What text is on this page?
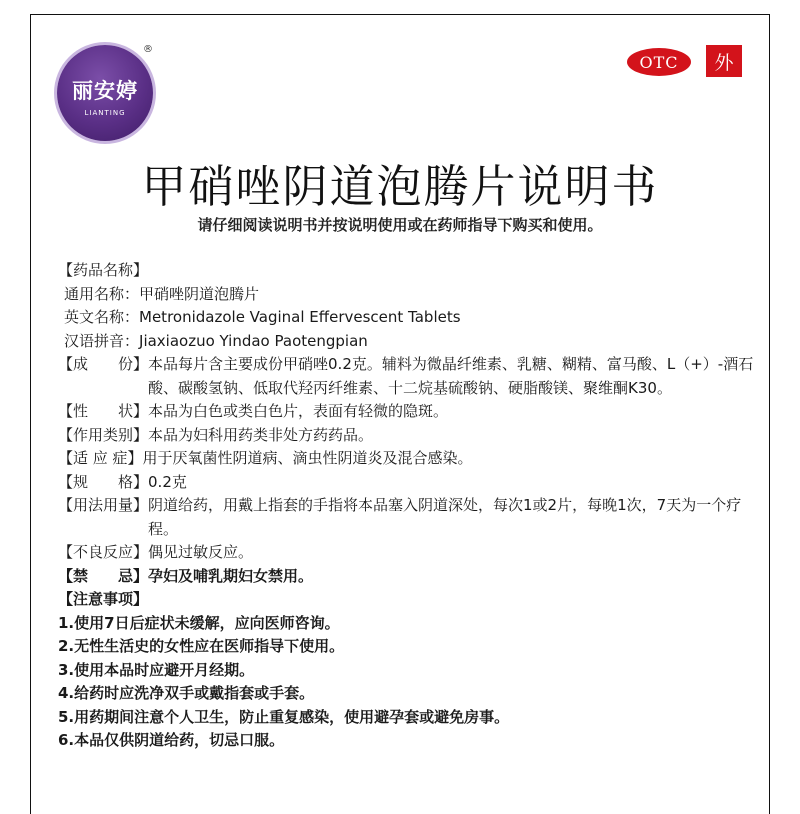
丽安婷
LIANTING
®
OTC	外
甲硝唑阴道泡腾片说明书
请仔细阅读说明书并按说明使用或在药师指导下购买和使用。
【药品名称】
通用名称： 甲硝唑阴道泡腾片
英文名称： Metronidazole Vaginal Effervescent Tablets
汉语拼音： Jiaxiaozuo Yindao Paotengpian
【成　　份】 本品每片含主要成份甲硝唑0.2克。辅料为微晶纤维素、乳糖、糊精、富马酸、L（+）-酒石酸、碳酸氢钠、低取代羟丙纤维素、十二烷基硫酸钠、硬脂酸镁、聚维酮K30。
【性　　状】 本品为白色或类白色片，表面有轻微的隐斑。
【作用类别】 本品为妇科用药类非处方药药品。
【适 应 症】 用于厌氧菌性阴道病、滴虫性阴道炎及混合感染。
【规　　格】 0.2克
【用法用量】 阴道给药，用戴上指套的手指将本品塞入阴道深处，每次1或2片，每晚1次，7天为一个疗程。
【不良反应】 偶见过敏反应。
【禁　　忌】 孕妇及哺乳期妇女禁用。
【注意事项】
1.使用7日后症状未缓解，应向医师咨询。
2.无性生活史的女性应在医师指导下使用。
3.使用本品时应避开月经期。
4.给药时应洗净双手或戴指套或手套。
5.用药期间注意个人卫生，防止重复感染，使用避孕套或避免房事。
6.本品仅供阴道给药，切忌口服。
